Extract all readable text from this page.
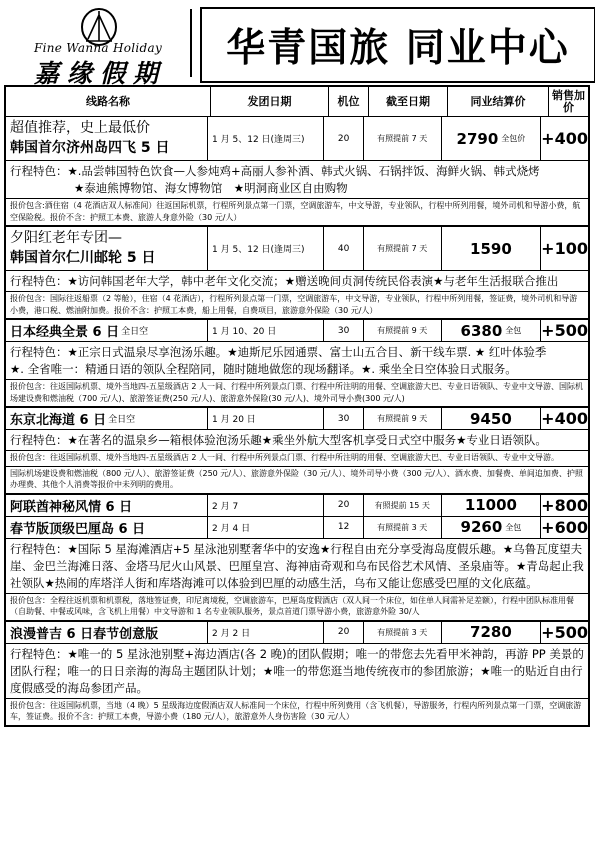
Fine Wanna Holiday
嘉缘假期
华青国旅 同业中心
线路名称	发团日期	机位	截至日期	同业结算价	销售加价
超值推荐，史上最低价
韩国首尔济州岛四飞 5 日	1 月 5、12 日(逢周三)	20	有照提前 7 天	2790 全包价 +400
行程特色：★.品尝韩国特色饮食—人参炖鸡+高丽人参补酒、韩式火锅、石锅拌饭、海鲜火锅、韩式烧烤
★泰迪熊博物馆、海女博物馆　★明洞商业区自由购物
报价包含:酒住宿（4 花酒店双人标准间）往返国际机票，行程所列景点第一门票，空调旅游车，中文导游，专业领队，行程中所列用餐，境外司机和导游小费，航空保险税。报价不含：护照工本费、旅游人身意外险（30 元/人）
夕阳红老年专团—
韩国首尔仁川邮轮 5 日	1 月 5、12 日(逢周三)	40	有照提前 7 天	1590 +100
行程特色：★访问韩国老年大学，韩中老年文化交流；★赠送晚间贞洞传统民俗表演★与老年生活报联合推出
报价包含：国际往返船票（2 等舱），住宿（4 花酒店），行程所列景点第一门票，空调旅游车，中文导游，专业领队，行程中所列用餐，签证费，境外司机和导游小费，港口税、燃油附加费。报价不含：护照工本费，船上用餐，自费项目，旅游意外保险（30 元/人）
日本经典全景 6 日 全日空	1 月 10、20 日	30	有照提前 9 天	6380 全包 +500
行程特色：★正宗日式温泉尽享泡汤乐趣。★迪斯尼乐园通票、富士山五合目、新干线车票. ★ 红叶体验季
★. 全省唯一：精通日语的领队全程陪同，随时随地做您的现场翻译。★. 乘坐全日空体验日式服务。
报价包含：往返国际机票、境外当地四-五星级酒店 2 人一间、行程中所列景点门票、行程中所注明的用餐、空调旅游大巴、专业日语领队、专业中文导游、国际机场建设费和燃油税（700 元/人)、旅游签证费(250 元/人)、旅游意外保险(30 元/人)、境外司导小费(300 元/人)
东京北海道 6 日 全日空	1 月 20 日	30	有照提前 9 天	9450 +400
行程特色：★在著名的温泉乡—箱根体验泡汤乐趣★乘坐外航大型客机享受日式空中服务★专业日语领队。
报价包含：往返国际机票、境外当地四-五星级酒店 2 人一间、行程中所列景点门票、行程中所注明的用餐、空调旅游大巴、专业日语领队、专业中文导游。
国际机场建设费和燃油税（800 元/人）、旅游签证费（250 元/人）、旅游意外保险（30 元/人）、境外司导小费（300 元/人）、酒水费、加餐费、单间追加费、护照办理费、其他个人消费等报价中未列明的费用。
阿联酋神秘风情 6 日	2 月 7	20	有照提前 15 天	11000 +800
春节版顶级巴厘岛 6 日	2 月 4 日	12	有照提前 3 天	9260 全包 +600
行程特色：★国际 5 星海滩酒店+5 星泳池别墅奢华中的安逸★行程自由充分享受海岛度假乐趣。★乌鲁瓦度望夫崖、金巴兰海滩日落、金塔马尼火山风景、巴厘皇宫、海神庙奇观和乌布民俗艺术风情、圣泉庙等。★青岛起止我社领队★热闹的库塔洋人街和库塔海滩可以体验到巴厘的动感生活，乌布又能让您感受巴厘的文化底蕴。
报价包含：全程往返机票和机票税，落地签证费，印尼离境税，空调旅游车，巴厘岛度假酒店（双人间一个床位，如住单人间需补足差额），行程中团队标准用餐（自助餐、中餐或风味，含飞机上用餐）中文导游和 1 名专业领队服务，景点首道门票导游小费，旅游意外险 30/人
浪漫普吉 6 日春节创意版	2 月 2 日	20	有照提前 3 天	7280 +500
行程特色：★唯一的 5 星泳池别墅+海边酒店(各 2 晚)的团队假期；唯一的带您去先看甲米神韵，再游 PP 美景的团队行程；唯一的日日亲海的海岛主题团队计划；★唯一的带您逛当地传统夜市的参团旅游；★唯一的贴近自由行度假感受的海岛参团产品。
报价包含：往返国际机票，当地（4 晚）5 星级海边度假酒店双人标准间一个床位，行程中所列费用（含飞机餐），导游服务，行程内所列景点第一门票，空调旅游车，签证费。报价不含：护照工本费，导游小费（180 元/人），旅游意外人身伤害险（30 元/人）
